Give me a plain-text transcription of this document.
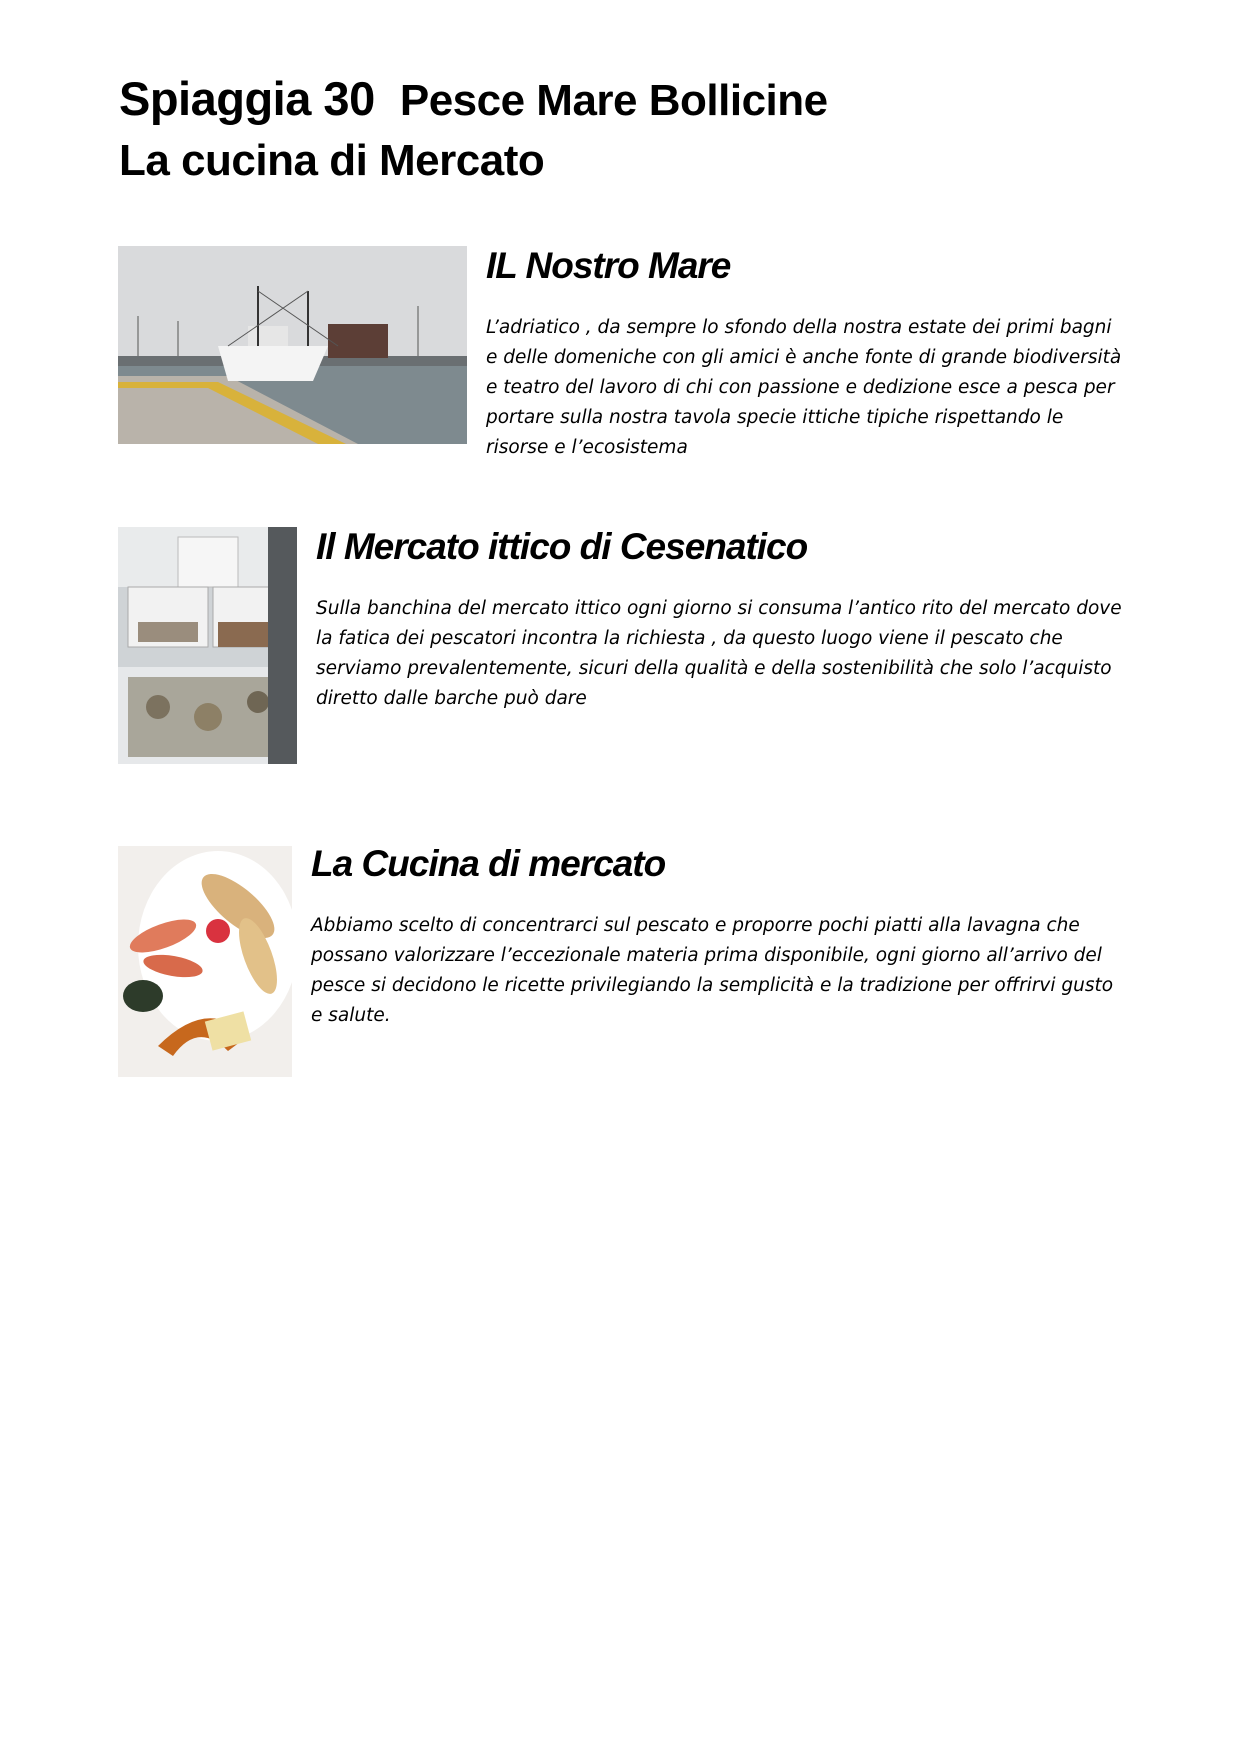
Spiaggia 30 Pesce Mare Bollicine
La cucina di Mercato
IL Nostro Mare

L’adriatico , da sempre lo sfondo della nostra estate dei primi bagni e delle domeniche con gli amici è anche fonte di grande biodiversità e teatro del lavoro di chi con passione e dedizione esce a pesca per portare sulla nostra tavola specie ittiche tipiche rispettando le risorse e l’ecosistema

Il Mercato ittico di Cesenatico

Sulla banchina del mercato ittico ogni giorno si consuma l’antico rito del mercato dove la fatica dei pescatori incontra la richiesta , da questo luogo viene il pescato che serviamo prevalentemente, sicuri della qualità e della sostenibilità che solo l’acquisto diretto dalle barche può dare

La Cucina di mercato

Abbiamo scelto di concentrarci sul pescato e proporre pochi piatti alla lavagna che possano valorizzare l’eccezionale materia prima disponibile, ogni giorno all’arrivo del pesce si decidono le ricette privilegiando la semplicità e la tradizione per offrirvi gusto e salute.
